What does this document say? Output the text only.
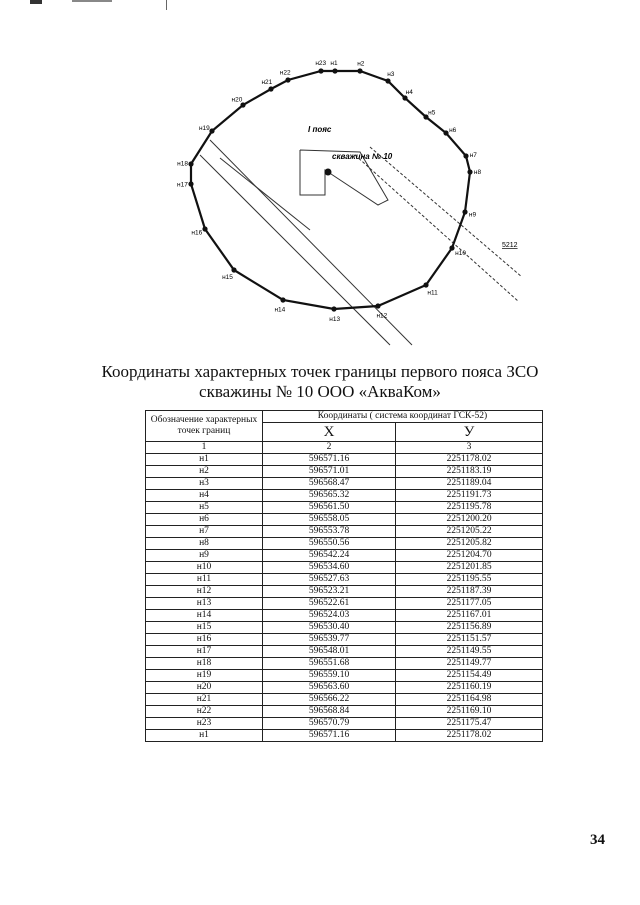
н1	н2
н3
н4
н5
н6
н7
н8
н9
н10
н11
н12
н13
н14
н15
н16
н17
н18
н19
н20
н21
н22
н23
I пояс
скважина № 10
5212
Координаты характерных точек границы первого пояса ЗСО
скважины № 10 ООО «АкваКом»
Обозначение характерных точек границ	Координаты ( система координат ГСК-52)	
	X	У
1	2	3
н1	596571.16	2251178.02
н2	596571.01	2251183.19
н3	596568.47	2251189.04
н4	596565.32	2251191.73
н5	596561.50	2251195.78
н6	596558.05	2251200.20
н7	596553.78	2251205.22
н8	596550.56	2251205.82
н9	596542.24	2251204.70
н10	596534.60	2251201.85
н11	596527.63	2251195.55
н12	596523.21	2251187.39
н13	596522.61	2251177.05
н14	596524.03	2251167.01
н15	596530.40	2251156.89
н16	596539.77	2251151.57
н17	596548.01	2251149.55
н18	596551.68	2251149.77
н19	596559.10	2251154.49
н20	596563.60	2251160.19
н21	596566.22	2251164.98
н22	596568.84	2251169.10
н23	596570.79	2251175.47
н1	596571.16	2251178.02
34
